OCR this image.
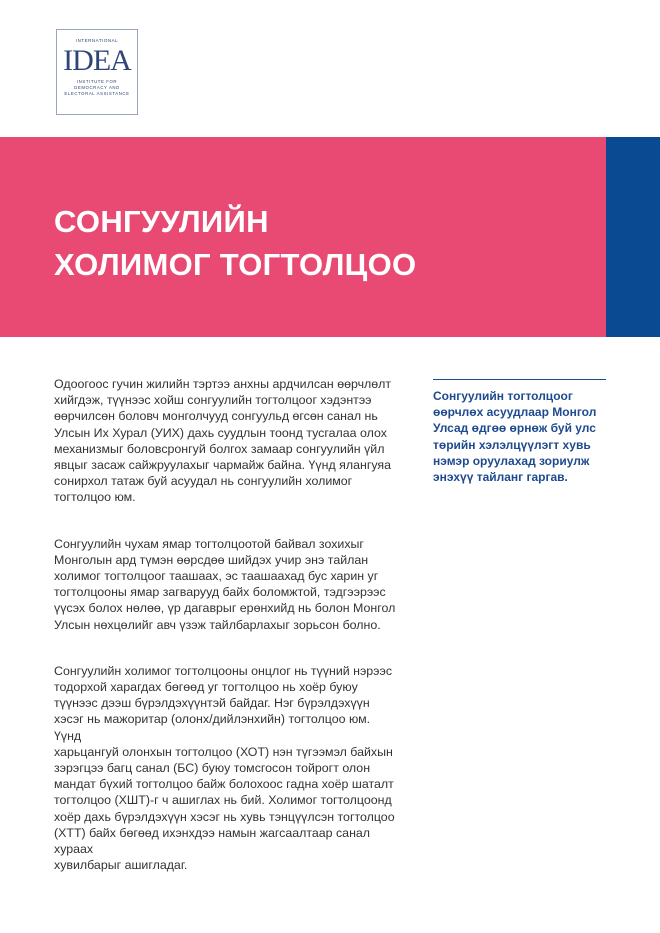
INTERNATIONAL
IDEA
INSTITUTE FOR DEMOCRACY AND ELECTORAL ASSISTANCE
СОНГУУЛИЙН
ХОЛИМОГ ТОГТОЛЦОО

Одоогоос гучин жилийн тэртээ анхны ардчилсан өөрчлөлт
хийгдэж, түүнээс хойш сонгуулийн тогтолцоог хэдэнтээ
өөрчилсөн боловч монголчууд сонгуульд өгсөн санал нь
Улсын Их Хурал (УИХ) дахь суудлын тоонд тусгалаа олох
механизмыг боловсронгуй болгох замаар сонгуулийн үйл
явцыг засаж сайжруулахыг чармайж байна. Үүнд ялангуяа
сонирхол татаж буй асуудал нь сонгуулийн холимог
тогтолцоо юм.

Сонгуулийн чухам ямар тогтолцоотой байвал зохихыг
Монголын ард түмэн өөрсдөө шийдэх учир энэ тайлан
холимог тогтолцоог таашаах, эс таашаахад бус харин уг
тогтолцооны ямар загварууд байх боломжтой, тэдгээрээс
үүсэх болох нөлөө, үр дагаврыг ерөнхийд нь болон Монгол
Улсын нөхцөлийг авч үзэж тайлбарлахыг зорьсон болно.

Сонгуулийн холимог тогтолцооны онцлог нь түүний нэрээс
тодорхой харагдах бөгөөд уг тогтолцоо нь хоёр буюу
түүнээс дээш бүрэлдэхүүнтэй байдаг. Нэг бүрэлдэхүүн
хэсэг нь мажоритар (олонх/дийлэнхийн) тогтолцоо юм. Үүнд
харьцангуй олонхын тогтолцоо (ХОТ) нэн түгээмэл байхын
зэрэгцээ багц санал (БС) буюу томсгосон тойрогт олон
мандат бүхий тогтолцоо байж болохоос гадна хоёр шаталт
тогтолцоо (ХШТ)-г ч ашиглах нь бий. Холимог тогтолцоонд
хоёр дахь бүрэлдэхүүн хэсэг нь хувь тэнцүүлсэн тогтолцоо
(ХТТ) байх бөгөөд ихэнхдээ намын жагсаалтаар санал хураах
хувилбарыг ашигладаг.

Сонгуулийн тогтолцоог
өөрчлөх асуудлаар Монгол
Улсад өдгөө өрнөж буй улс
төрийн хэлэлцүүлэгт хувь
нэмэр оруулахад зориулж
энэхүү тайланг гаргав.
